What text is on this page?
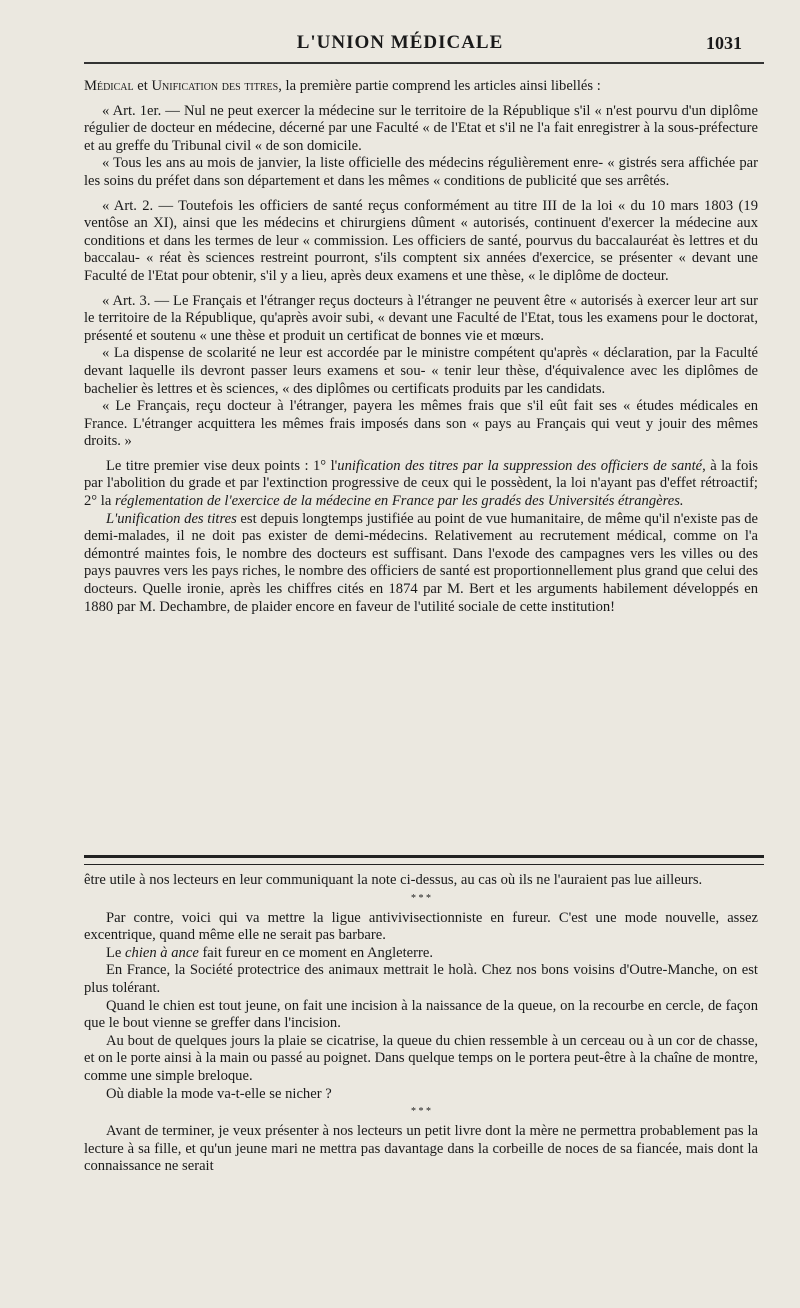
L'UNION MÉDICALE	1031

Médical et Unification des titres, la première partie comprend les articles ainsi libellés :

« Art. 1er. — Nul ne peut exercer la médecine sur le territoire de la République s'il « n'est pourvu d'un diplôme régulier de docteur en médecine, décerné par une Faculté « de l'Etat et s'il ne l'a fait enregistrer à la sous-préfecture et au greffe du Tribunal civil « de son domicile.

« Tous les ans au mois de janvier, la liste officielle des médecins régulièrement enre- « gistrés sera affichée par les soins du préfet dans son département et dans les mêmes « conditions de publicité que ses arrêtés.

« Art. 2. — Toutefois les officiers de santé reçus conformément au titre III de la loi « du 10 mars 1803 (19 ventôse an XI), ainsi que les médecins et chirurgiens dûment « autorisés, continuent d'exercer la médecine aux conditions et dans les termes de leur « commission. Les officiers de santé, pourvus du baccalauréat ès lettres et du baccalau- « réat ès sciences restreint pourront, s'ils comptent six années d'exercice, se présenter « devant une Faculté de l'Etat pour obtenir, s'il y a lieu, après deux examens et une thèse, « le diplôme de docteur.

« Art. 3. — Le Français et l'étranger reçus docteurs à l'étranger ne peuvent être « autorisés à exercer leur art sur le territoire de la République, qu'après avoir subi, « devant une Faculté de l'Etat, tous les examens pour le doctorat, présenté et soutenu « une thèse et produit un certificat de bonnes vie et mœurs.

« La dispense de scolarité ne leur est accordée par le ministre compétent qu'après « déclaration, par la Faculté devant laquelle ils devront passer leurs examens et sou- « tenir leur thèse, d'équivalence avec les diplômes de bachelier ès lettres et ès sciences, « des diplômes ou certificats produits par les candidats.

« Le Français, reçu docteur à l'étranger, payera les mêmes frais que s'il eût fait ses « études médicales en France. L'étranger acquittera les mêmes frais imposés dans son « pays au Français qui veut y jouir des mêmes droits. »

Le titre premier vise deux points : 1° l'unification des titres par la suppression des officiers de santé, à la fois par l'abolition du grade et par l'extinction progressive de ceux qui le possèdent, la loi n'ayant pas d'effet rétroactif; 2° la réglementation de l'exercice de la médecine en France par les gradés des Universités étrangères.

L'unification des titres est depuis longtemps justifiée au point de vue humanitaire, de même qu'il n'existe pas de demi-malades, il ne doit pas exister de demi-médecins. Relativement au recrutement médical, comme on l'a démontré maintes fois, le nombre des docteurs est suffisant. Dans l'exode des campagnes vers les villes ou des pays pauvres vers les pays riches, le nombre des officiers de santé est proportionnellement plus grand que celui des docteurs. Quelle ironie, après les chiffres cités en 1874 par M. Bert et les arguments habilement développés en 1880 par M. Dechambre, de plaider encore en faveur de l'utilité sociale de cette institution!

être utile à nos lecteurs en leur communiquant la note ci-dessus, au cas où ils ne l'auraient pas lue ailleurs.

* * *

Par contre, voici qui va mettre la ligue antivivisectionniste en fureur. C'est une mode nouvelle, assez excentrique, quand même elle ne serait pas barbare.

Le chien à ance fait fureur en ce moment en Angleterre.

En France, la Société protectrice des animaux mettrait le holà. Chez nos bons voisins d'Outre-Manche, on est plus tolérant.

Quand le chien est tout jeune, on fait une incision à la naissance de la queue, on la recourbe en cercle, de façon que le bout vienne se greffer dans l'incision.

Au bout de quelques jours la plaie se cicatrise, la queue du chien ressemble à un cerceau ou à un cor de chasse, et on le porte ainsi à la main ou passé au poignet. Dans quelque temps on le portera peut-être à la chaîne de montre, comme une simple breloque.

Où diable la mode va-t-elle se nicher ?

* * *

Avant de terminer, je veux présenter à nos lecteurs un petit livre dont la mère ne permettra probablement pas la lecture à sa fille, et qu'un jeune mari ne mettra pas davantage dans la corbeille de noces de sa fiancée, mais dont la connaissance ne serait
